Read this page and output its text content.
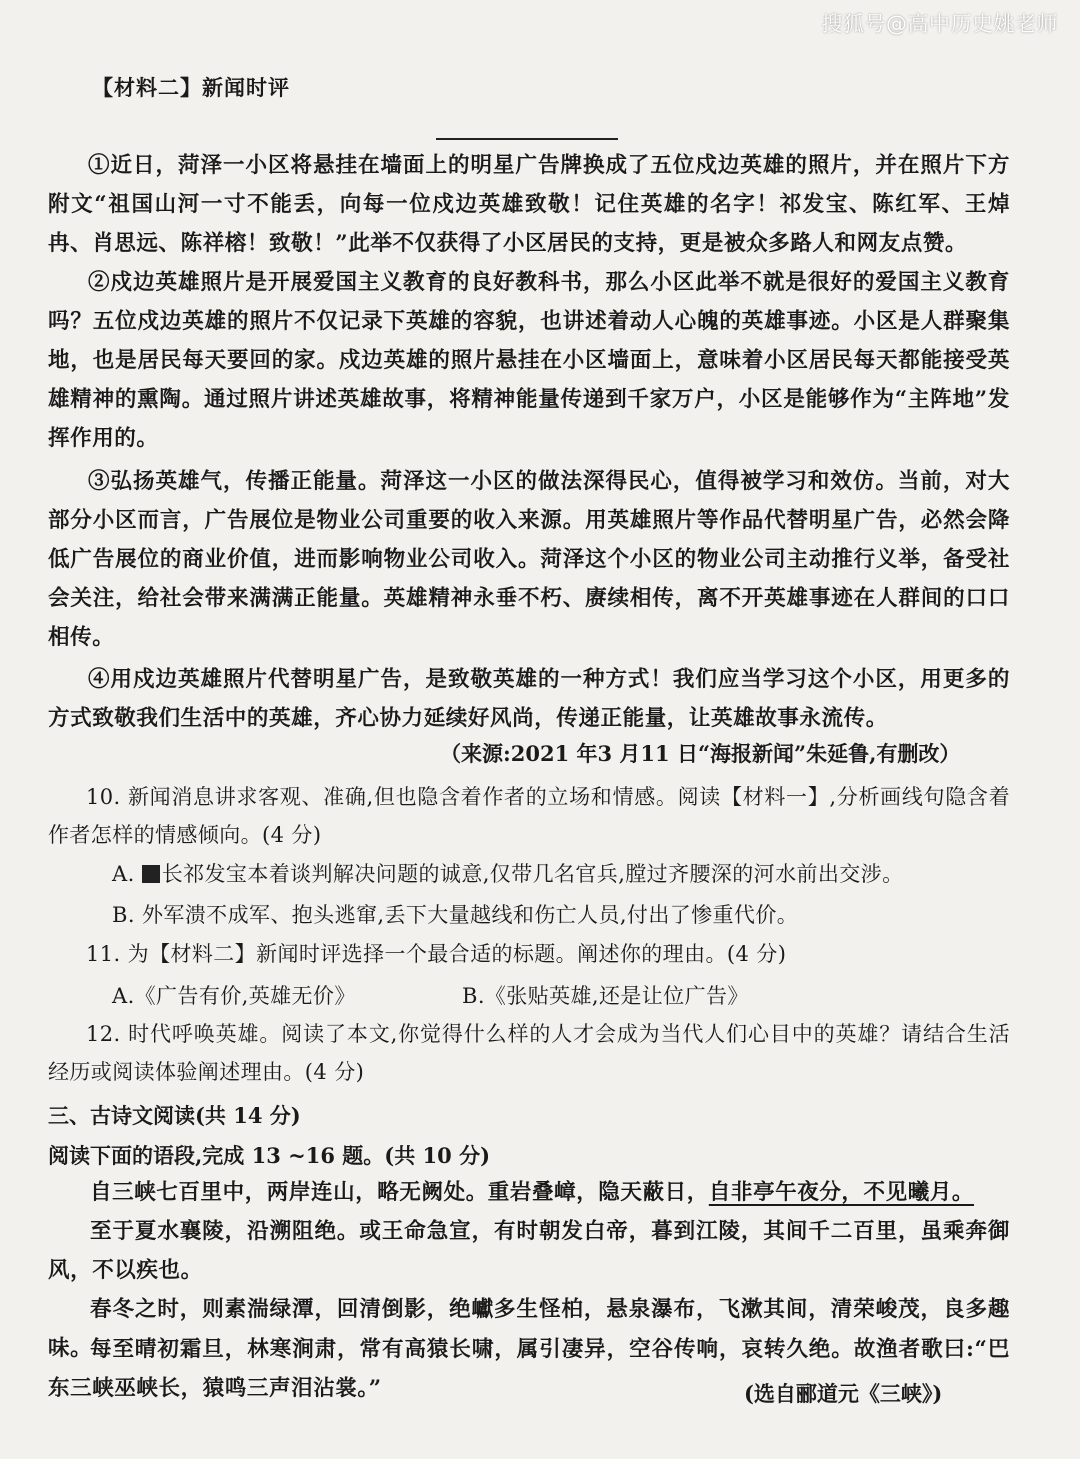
搜狐号@高中历史姚老师
【材料二】新闻时评

①近日，菏泽一小区将悬挂在墙面上的明星广告牌换成了五位戍边英雄的照片，并在照片下方附文“祖国山河一寸不能丢，向每一位戍边英雄致敬！记住英雄的名字！祁发宝、陈红军、王焯冉、肖思远、陈祥榕！致敬！”此举不仅获得了小区居民的支持，更是被众多路人和网友点赞。

②戍边英雄照片是开展爱国主义教育的良好教科书，那么小区此举不就是很好的爱国主义教育吗？五位戍边英雄的照片不仅记录下英雄的容貌，也讲述着动人心魄的英雄事迹。小区是人群聚集地，也是居民每天要回的家。戍边英雄的照片悬挂在小区墙面上，意味着小区居民每天都能接受英雄精神的熏陶。通过照片讲述英雄故事，将精神能量传递到千家万户，小区是能够作为“主阵地”发挥作用的。

③弘扬英雄气，传播正能量。菏泽这一小区的做法深得民心，值得被学习和效仿。当前，对大部分小区而言，广告展位是物业公司重要的收入来源。用英雄照片等作品代替明星广告，必然会降低广告展位的商业价值，进而影响物业公司收入。菏泽这个小区的物业公司主动推行义举，备受社会关注，给社会带来满满正能量。英雄精神永垂不朽、赓续相传，离不开英雄事迹在人群间的口口相传。

④用戍边英雄照片代替明星广告，是致敬英雄的一种方式！我们应当学习这个小区，用更多的方式致敬我们生活中的英雄，齐心协力延续好风尚，传递正能量，让英雄故事永流传。

（来源:2021 年3 月11 日“海报新闻”朱延鲁,有删改）

10. 新闻消息讲求客观、准确,但也隐含着作者的立场和情感。阅读【材料一】,分析画线句隐含着作者怎样的情感倾向。(4 分)

A. 长祁发宝本着谈判解决问题的诚意,仅带几名官兵,膛过齐腰深的河水前出交涉。
B. 外军溃不成军、抱头逃窜,丢下大量越线和伤亡人员,付出了惨重代价。

11. 为【材料二】新闻时评选择一个最合适的标题。阐述你的理由。(4 分)

A.《广告有价,英雄无价》	B.《张贴英雄,还是让位广告》

12. 时代呼唤英雄。阅读了本文,你觉得什么样的人才会成为当代人们心目中的英雄？请结合生活经历或阅读体验阐述理由。(4 分)

三、古诗文阅读(共 14 分)
阅读下面的语段,完成 13 ~16 题。(共 10 分)

自三峡七百里中，两岸连山，略无阙处。重岩叠嶂，隐天蔽日，自非亭午夜分，不见曦月。

至于夏水襄陵，沿溯阻绝。或王命急宣，有时朝发白帝，暮到江陵，其间千二百里，虽乘奔御风，不以疾也。

春冬之时，则素湍绿潭，回清倒影，绝巘多生怪柏，悬泉瀑布，飞漱其间，清荣峻茂，良多趣味。

每至晴初霜旦，林寒涧肃，常有高猿长啸，属引凄异，空谷传响，哀转久绝。故渔者歌曰:“巴东三峡巫峡长，猿鸣三声泪沾裳。”	(选自郦道元《三峡》)
